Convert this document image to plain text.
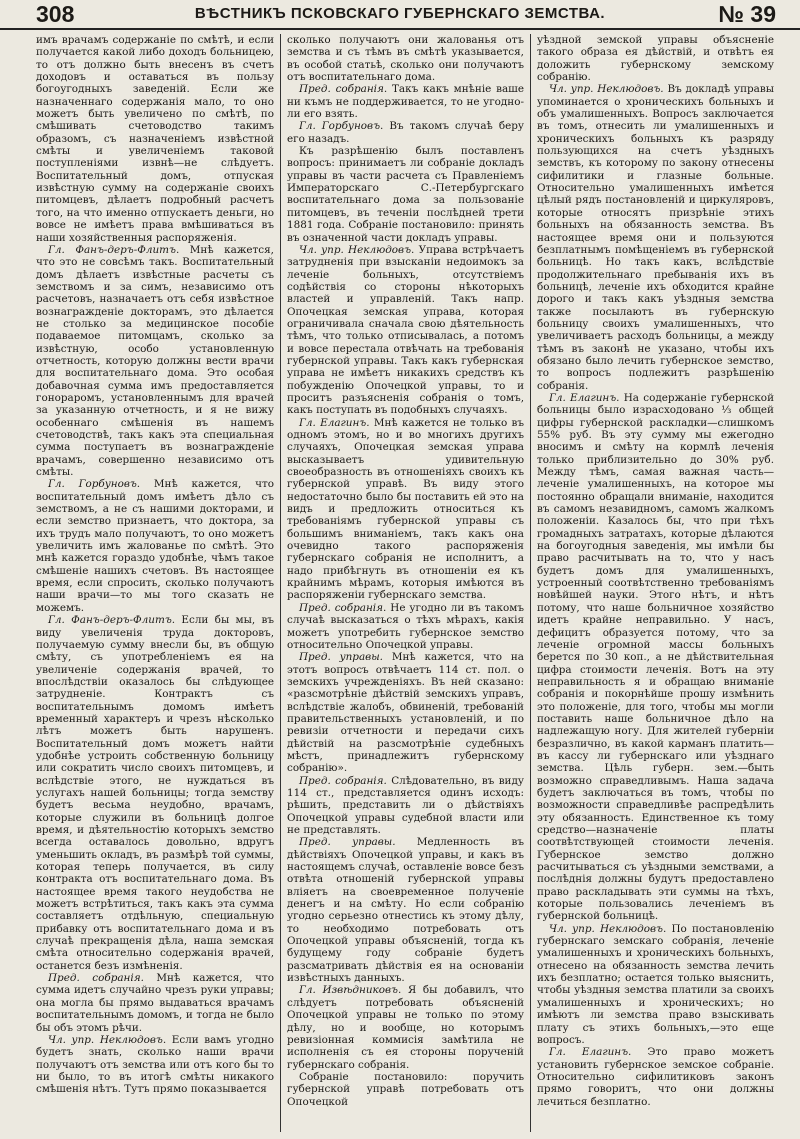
308	ВѢСТНИКЪ ПСКОВСКАГО ГУБЕРНСКАГО ЗЕМСТВА.	№ 39

имъ врачамъ содержаніе по смѣтѣ, и если получается какой либо доходъ больницею, то отъ должно быть внесенъ въ счетъ доходовъ и оставаться въ пользу богоугодныхъ заведеній. Если же назначеннаго содержанія мало, то оно можетъ быть увеличено по смѣтѣ, по смѣшивать счетоводство такимъ образомъ, съ назначеніемъ извѣстной смѣты и увеличеніемъ таковой поступленіями извнѣ—не слѣдуетъ. Воспитательный домъ, отпуская извѣстную сумму на содержаніе своихъ питомцевъ, дѣлаетъ подробный расчетъ того, на что именно отпускаетъ деньги, но вовсе не имѣетъ права вмѣшиваться въ наши хозяйственныя распоряженія.

Гл. Фанъ-деръ-Флитъ. Мнѣ кажется, что это не совсѣмъ такъ. Воспитательный домъ дѣлаетъ извѣстные расчеты съ земствомъ и за симъ, независимо отъ расчетовъ, назначаетъ отъ себя извѣстное вознагражденіе докторамъ, это дѣлается не столько за медицинское пособіе подаваемое питомцамъ, сколько за извѣстную, особо установленную отчетность, которую должны вести врачи для воспитательнаго дома. Это особая добавочная сумма имъ предоставляется гонораромъ, установленнымъ для врачей за указанную отчетность, и я не вижу особеннаго смѣшенія въ нашемъ счетоводствѣ, такъ какъ эта специальная сумма поступаетъ въ вознагражденіе врачамъ, совершенно независимо отъ смѣты.

Гл. Горбуновъ. Мнѣ кажется, что воспитательный домъ имѣетъ дѣло съ земствомъ, а не съ нашими докторами, и если земство признаетъ, что доктора, за ихъ трудъ мало получаютъ, то оно можетъ увеличить имъ жалованье по смѣтѣ. Это мнѣ кажется гораздо удобнѣе, чѣмъ такое смѣшеніе нашихъ счетовъ. Въ настоящее время, если спросить, сколько получаютъ наши врачи—то мы того сказать не можемъ.

Гл. Фанъ-деръ-Флитъ. Если бы мы, въ виду увеличенія труда докторовъ, получаемую сумму внесли бы, въ общую смѣту, съ употребленіемъ ея на увеличеніе содержанія врачей, то впослѣдствіи оказалось бы слѣдующее затрудненіе. Контрактъ съ воспитательнымъ домомъ имѣетъ временный характеръ и чрезъ нѣсколько лѣтъ можетъ быть нарушенъ. Воспитательный домъ можетъ найти удобнѣе устроить собственную больницу или сократить число своихъ питомцевъ, и вслѣдствіе этого, не нуждаться въ услугахъ нашей больницы; тогда земству будетъ весьма неудобно, врачамъ, которые служили въ больницѣ долгое время, и дѣятельностію которыхъ земство всегда оставалось довольно, вдругъ уменьшить окладъ, въ размѣрѣ той суммы, которая теперь получается, въ силу контракта отъ воспитательнаго дома. Въ настоящее время такого неудобства не можетъ встрѣтиться, такъ какъ эта сумма составляетъ отдѣльную, специальную прибавку отъ воспитательнаго дома и въ случаѣ прекращенія дѣла, наша земская смѣта относительно содержанія врачей, останется безъ измѣненія.

Пред. собранія. Мнѣ кажется, что сумма идетъ случайно чрезъ руки управы; она могла бы прямо выдаваться врачамъ воспитательнымъ домомъ, и тогда не было бы объ этомъ рѣчи.

Чл. упр. Неклюдовъ. Если вамъ угодно будетъ знать, сколько наши врачи получаютъ отъ земства или отъ кого бы то ни было, то въ итогѣ смѣты никакого смѣшенія нѣтъ. Тутъ прямо показывается

сколько получаютъ они жалованья отъ земства и съ тѣмъ въ смѣтѣ указывается, въ особой статьѣ, сколько они получаютъ отъ воспитательнаго дома.

Пред. собранія. Такъ какъ мнѣніе ваше ни къмъ не поддерживается, то не угодно-ли его взять.

Гл. Горбуновъ. Въ такомъ случаѣ беру его назадъ.

Къ разрѣшенію былъ поставленъ вопросъ: принимаетъ ли собраніе докладъ управы въ части расчета съ Правленіемъ Императорскаго С.-Петербургскаго воспитательнаго дома за пользованіе питомцевъ, въ теченіи послѣдней трети 1881 года. Собраніе постановило: принять въ означенной части докладъ управы.

Чл. упр. Неклюдовъ. Управа встрѣчаетъ затрудненія при взысканіи недоимокъ за леченіе больныхъ, отсутствіемъ содѣйствія со стороны нѣкоторыхъ властей и управленій. Такъ напр. Опочецкая земская управа, которая ограничивала сначала свою дѣятельность тѣмъ, что только отписывалась, а потомъ и вовсе перестала отвѣчать на требованія губернской управы. Такъ какъ губернская управа не имѣетъ никакихъ средствъ къ побужденію Опочецкой управы, то и проситъ разъясненія собранія о томъ, какъ поступать въ подобныхъ случаяхъ.

Гл. Елагинъ. Мнѣ кажется не только въ одномъ этомъ, но и во многихъ другихъ случаяхъ, Опочецкая земская управа высказываетъ удивительную своеобразность въ отношеніяхъ своихъ къ губернской управѣ. Въ виду этого недостаточно было бы поставить ей это на видъ и предложить относиться къ требованіямъ губернской управы съ большимъ вниманіемъ, такъ какъ она очевидно такого распоряженія губернскаго собранія не исполнитъ, а надо прибѣгнуть въ отношеніи ея къ крайнимъ мѣрамъ, которыя имѣются въ распоряженіи губернскаго земства.

Пред. собранія. Не угодно ли въ такомъ случаѣ высказаться о тѣхъ мѣрахъ, какія можетъ употребить губернское земство относительно Опочецкой управы.

Пред. управы. Мнѣ кажется, что на этотъ вопросъ отвѣчаетъ 114 ст. пол. о земскихъ учрежденіяхъ. Въ ней сказано: «разсмотрѣніе дѣйствій земскихъ управъ, вслѣдствіе жалобъ, обвиненій, требованій правительственныхъ установленій, и по ревизіи отчетности и передачи сихъ дѣйствій на разсмотрѣніе судебныхъ мѣстъ, принадлежитъ губернскому собранію».

Пред. собранія. Слѣдовательно, въ виду 114 ст., представляется одинъ исходъ: рѣшить, представить ли о дѣйствіяхъ Опочецкой управы судебной власти или не представлять.

Пред. управы. Медленность въ дѣйствіяхъ Опочецкой управы, и какъ въ настоящемъ случаѣ, оставленіе вовсе безъ отвѣта отношеній губернской управы вліяетъ на своевременное полученіе денегъ и на смѣту. Но если собранію угодно серьезно отнестись къ этому дѣлу, то необходимо потребовать отъ Опочецкой управы объясненій, тогда къ будущему году собраніе будетъ разсматривать дѣйствія ея на основаніи извѣстныхъ данныхъ.

Гл. Извѣдниковъ. Я бы добавилъ, что слѣдуетъ потребовать объясненій Опочецкой управы не только по этому дѣлу, но и вообще, но которымъ ревизіонная коммисія замѣтила не исполненія съ ея стороны порученій губернскаго собранія.

Собраніе постановило: поручить губернской управѣ потребовать отъ Опочецкой

уѣздной земской управы объясненіе такого образа ея дѣйствій, и отвѣтъ ея доложить губернскому земскому собранію.

Чл. упр. Неклюдовъ. Въ докладѣ управы упоминается о хроническихъ больныхъ и объ умалишенныхъ. Вопросъ заключается въ томъ, отнесить ли умалишенныхъ и хроническихъ больныхъ къ разряду пользующихся на счетъ уѣздныхъ земствъ, къ которому по закону отнесены сифилитики и глазные больные. Относительно умалишенныхъ имѣется цѣлый рядъ постановленій и циркуляровъ, которые относятъ призрѣніе этихъ больныхъ на обязанность земства. Въ настоящее время они и пользуются безплатнымъ помѣщеніемъ въ губернской больницѣ. Но такъ какъ, вслѣдствіе продолжительнаго пребыванія ихъ въ больницѣ, леченіе ихъ обходится крайне дорого и такъ какъ уѣздныя земства также посылаютъ въ губернскую больницу своихъ умалишенныхъ, что увеличиваетъ расходъ больницы, а между тѣмъ въ законѣ не указано, чтобы ихъ обязано было лечить губернское земство, то вопросъ подлежитъ разрѣшенію собранія.

Гл. Елагинъ. На содержаніе губернской больницы было израсходовано ⅓ общей цифры губернской раскладки—слишкомъ 55% руб. Въ эту сумму мы ежегодно вносимъ и смѣту на кормлѣ леченія только приблизительно до 30% руб. Между тѣмъ, самая важная часть—леченіе умалишенныхъ, на которое мы постоянно обращали вниманіе, находится въ самомъ незавидномъ, самомъ жалкомъ положеніи. Казалось бы, что при тѣхъ громадныхъ затратахъ, которые дѣлаются на богоугодныя заведенія, мы имѣли бы право расчитывать на то, что у насъ будетъ домъ для умалишенныхъ, устроенный соотвѣтственно требованіямъ новѣйшей науки. Этого нѣтъ, и нѣтъ потому, что наше больничное хозяйство идетъ крайне неправильно. У насъ, дефицитъ образуется потому, что за леченіе огромной массы больныхъ берется по 30 коп., а не дѣйствительная цифра стоимости леченія. Вотъ на эту неправильность я и обращаю вниманіе собранія и покорнѣйше прошу измѣнить это положеніе, для того, чтобы мы могли поставить наше больничное дѣло на надлежащую ногу. Для жителей губерніи безразлично, въ какой карманъ платить—въ кассу ли губернскаго или уѣзднаго земства. Цѣль губерн. зем.—быть возможно справедливымъ. Наша задача будетъ заключаться въ томъ, чтобы по возможности справедливѣе распредѣлить эту обязанность. Единственное къ тому средство—назначеніе платы соотвѣтствующей стоимости леченія. Губернское земство должно расчитываться съ уѣздными земствами, а послѣднія должны будутъ предоставлено право раскладывать эти суммы на тѣхъ, которые пользовались леченіемъ въ губернской больницѣ.

Чл. упр. Неклюдовъ. По постановленію губернскаго земскаго собранія, леченіе умалишенныхъ и хроническихъ больныхъ, отнесено на обязанность земства лечить ихъ безплатно; остается только выяснить, чтобы уѣздныя земства платили за своихъ умалишенныхъ и хроническихъ; но имѣютъ ли земства право взыскивать плату съ этихъ больныхъ,—это еще вопросъ.

Гл. Елагинъ. Это право можетъ установить губернское земское собраніе. Относительно сифилитиковъ законъ прямо говоритъ, что они должны лечиться безплатно.
